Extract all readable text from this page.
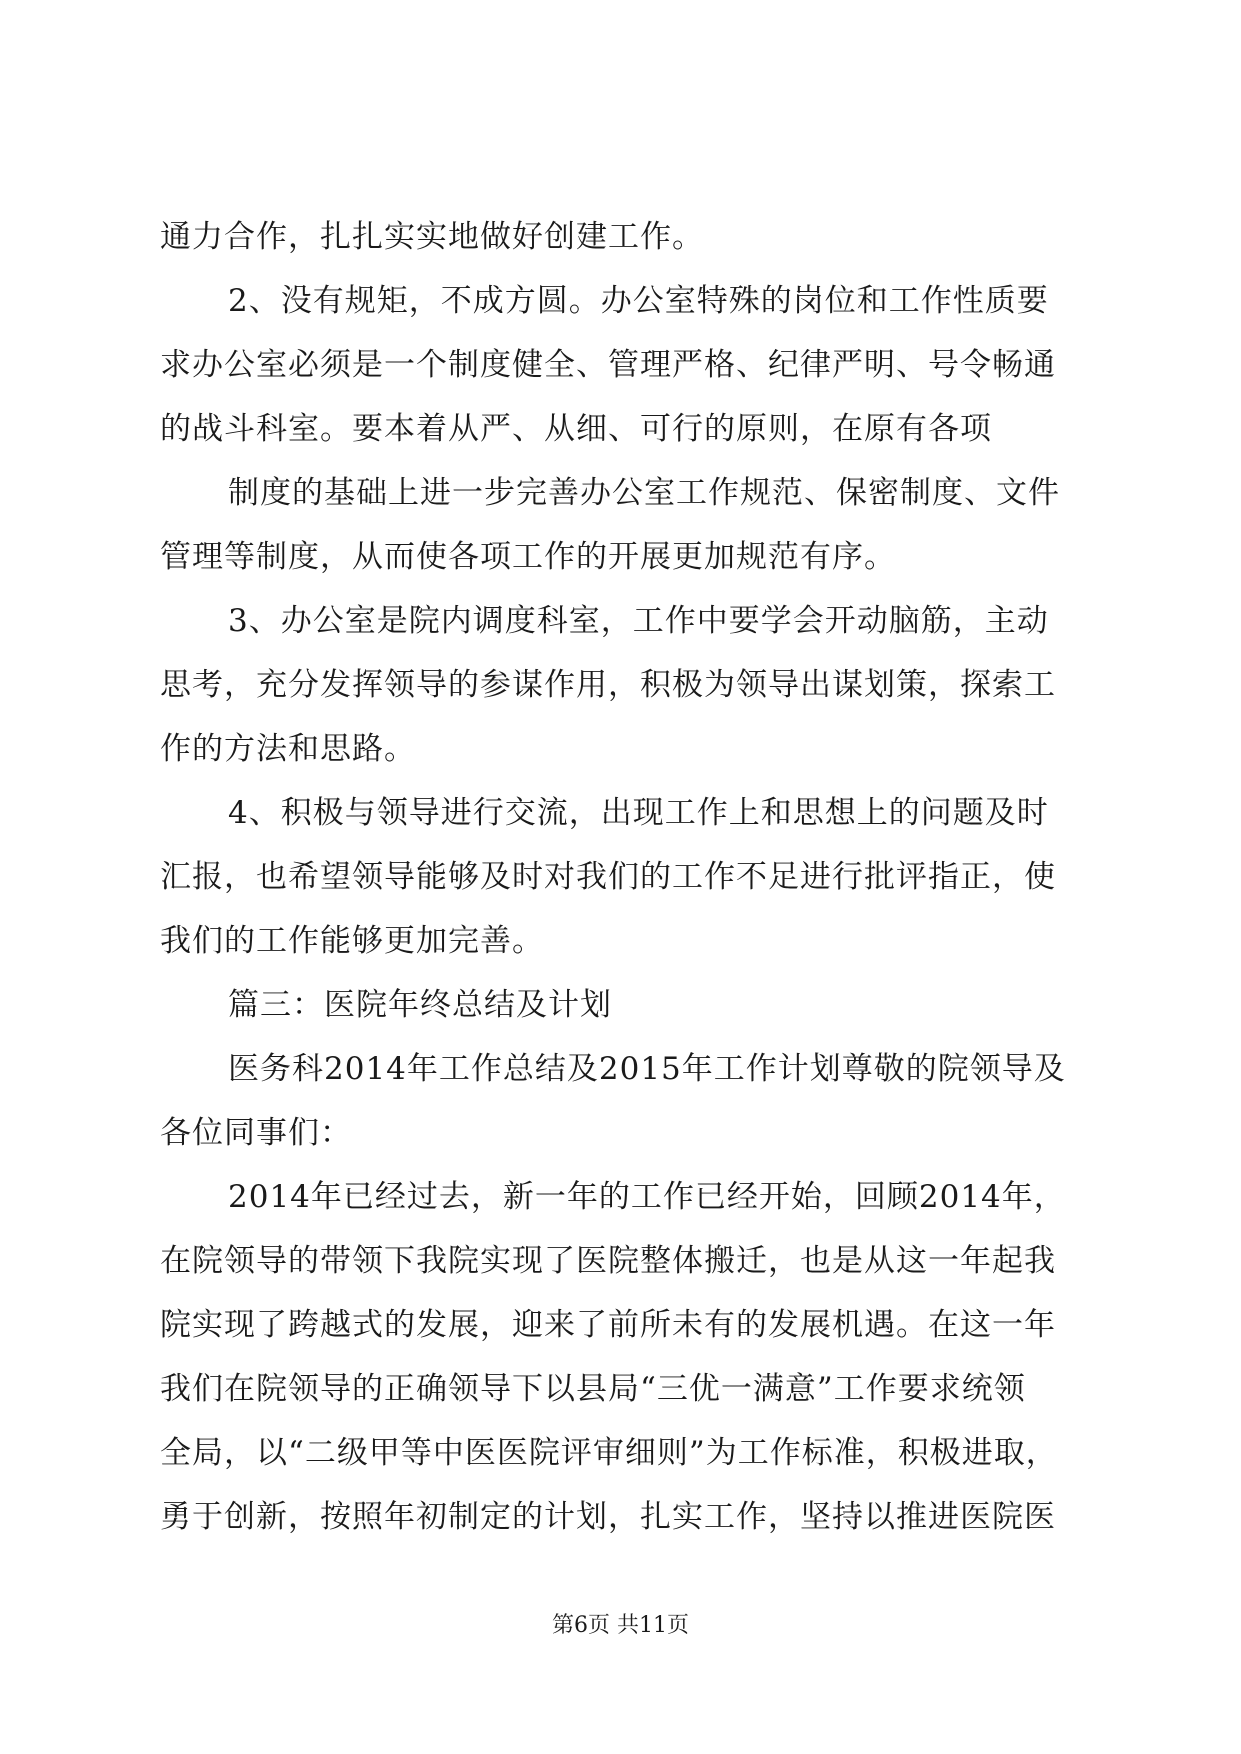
通力合作，扎扎实实地做好创建工作。
2、没有规矩，不成方圆。办公室特殊的岗位和工作性质要
求办公室必须是一个制度健全、管理严格、纪律严明、号令畅通
的战斗科室。要本着从严、从细、可行的原则，在原有各项
制度的基础上进一步完善办公室工作规范、保密制度、文件
管理等制度，从而使各项工作的开展更加规范有序。
3、办公室是院内调度科室，工作中要学会开动脑筋，主动
思考，充分发挥领导的参谋作用，积极为领导出谋划策，探索工
作的方法和思路。
4、积极与领导进行交流，出现工作上和思想上的问题及时
汇报，也希望领导能够及时对我们的工作不足进行批评指正，使
我们的工作能够更加完善。
篇三：医院年终总结及计划
医务科2014年工作总结及2015年工作计划尊敬的院领导及
各位同事们：
2014年已经过去，新一年的工作已经开始，回顾2014年，
在院领导的带领下我院实现了医院整体搬迁，也是从这一年起我
院实现了跨越式的发展，迎来了前所未有的发展机遇。在这一年
我们在院领导的正确领导下以县局“三优一满意”工作要求统领
全局，以“二级甲等中医医院评审细则”为工作标准，积极进取，
勇于创新，按照年初制定的计划，扎实工作，坚持以推进医院医
第6页 共11页
